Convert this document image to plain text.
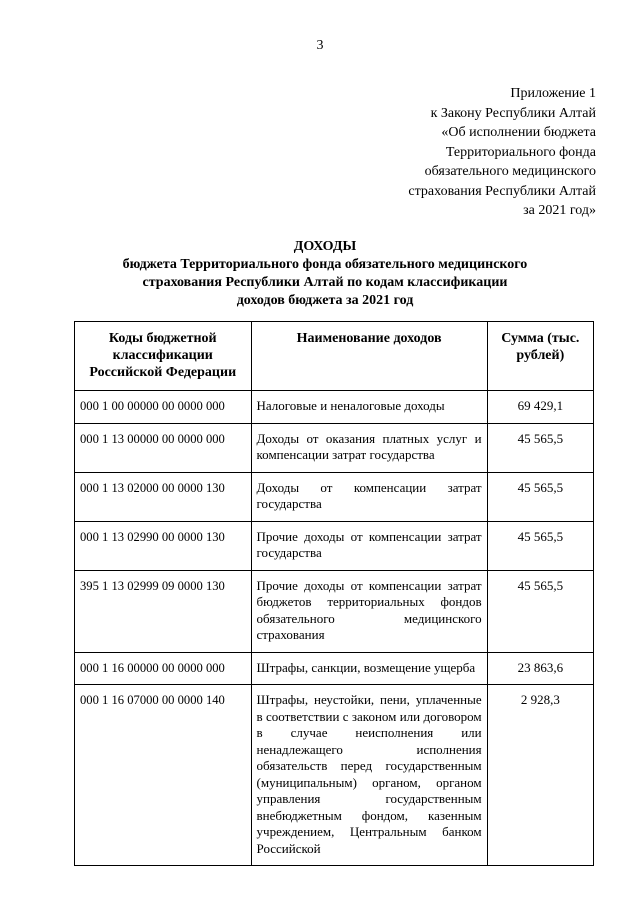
3
Приложение 1
к Закону Республики Алтай
«Об исполнении бюджета
Территориального фонда
обязательного медицинского
страхования Республики Алтай
за 2021 год»
ДОХОДЫ
бюджета Территориального фонда обязательного медицинского
страхования Республики Алтай по кодам классификации
доходов бюджета за 2021 год
Коды бюджетной классификации Российской Федерации	Наименование доходов	Сумма (тыс. рублей)
000 1 00 00000 00 0000 000	Налоговые и неналоговые доходы	69 429,1
000 1 13 00000 00 0000 000	Доходы от оказания платных услуг и компенсации затрат государства	45 565,5
000 1 13 02000 00 0000 130	Доходы от компенсации затрат государства	45 565,5
000 1 13 02990 00 0000 130	Прочие доходы от компенсации затрат государства	45 565,5
395 1 13 02999 09 0000 130	Прочие доходы от компенсации затрат бюджетов территориальных фондов обязательного медицинского страхования	45 565,5
000 1 16 00000 00 0000 000	Штрафы, санкции, возмещение ущерба	23 863,6
000 1 16 07000 00 0000 140	Штрафы, неустойки, пени, уплаченные в соответствии с законом или договором в случае неисполнения или ненадлежащего исполнения обязательств перед государственным (муниципальным) органом, органом управления государственным внебюджетным фондом, казенным учреждением, Центральным банком Российской	2 928,3
